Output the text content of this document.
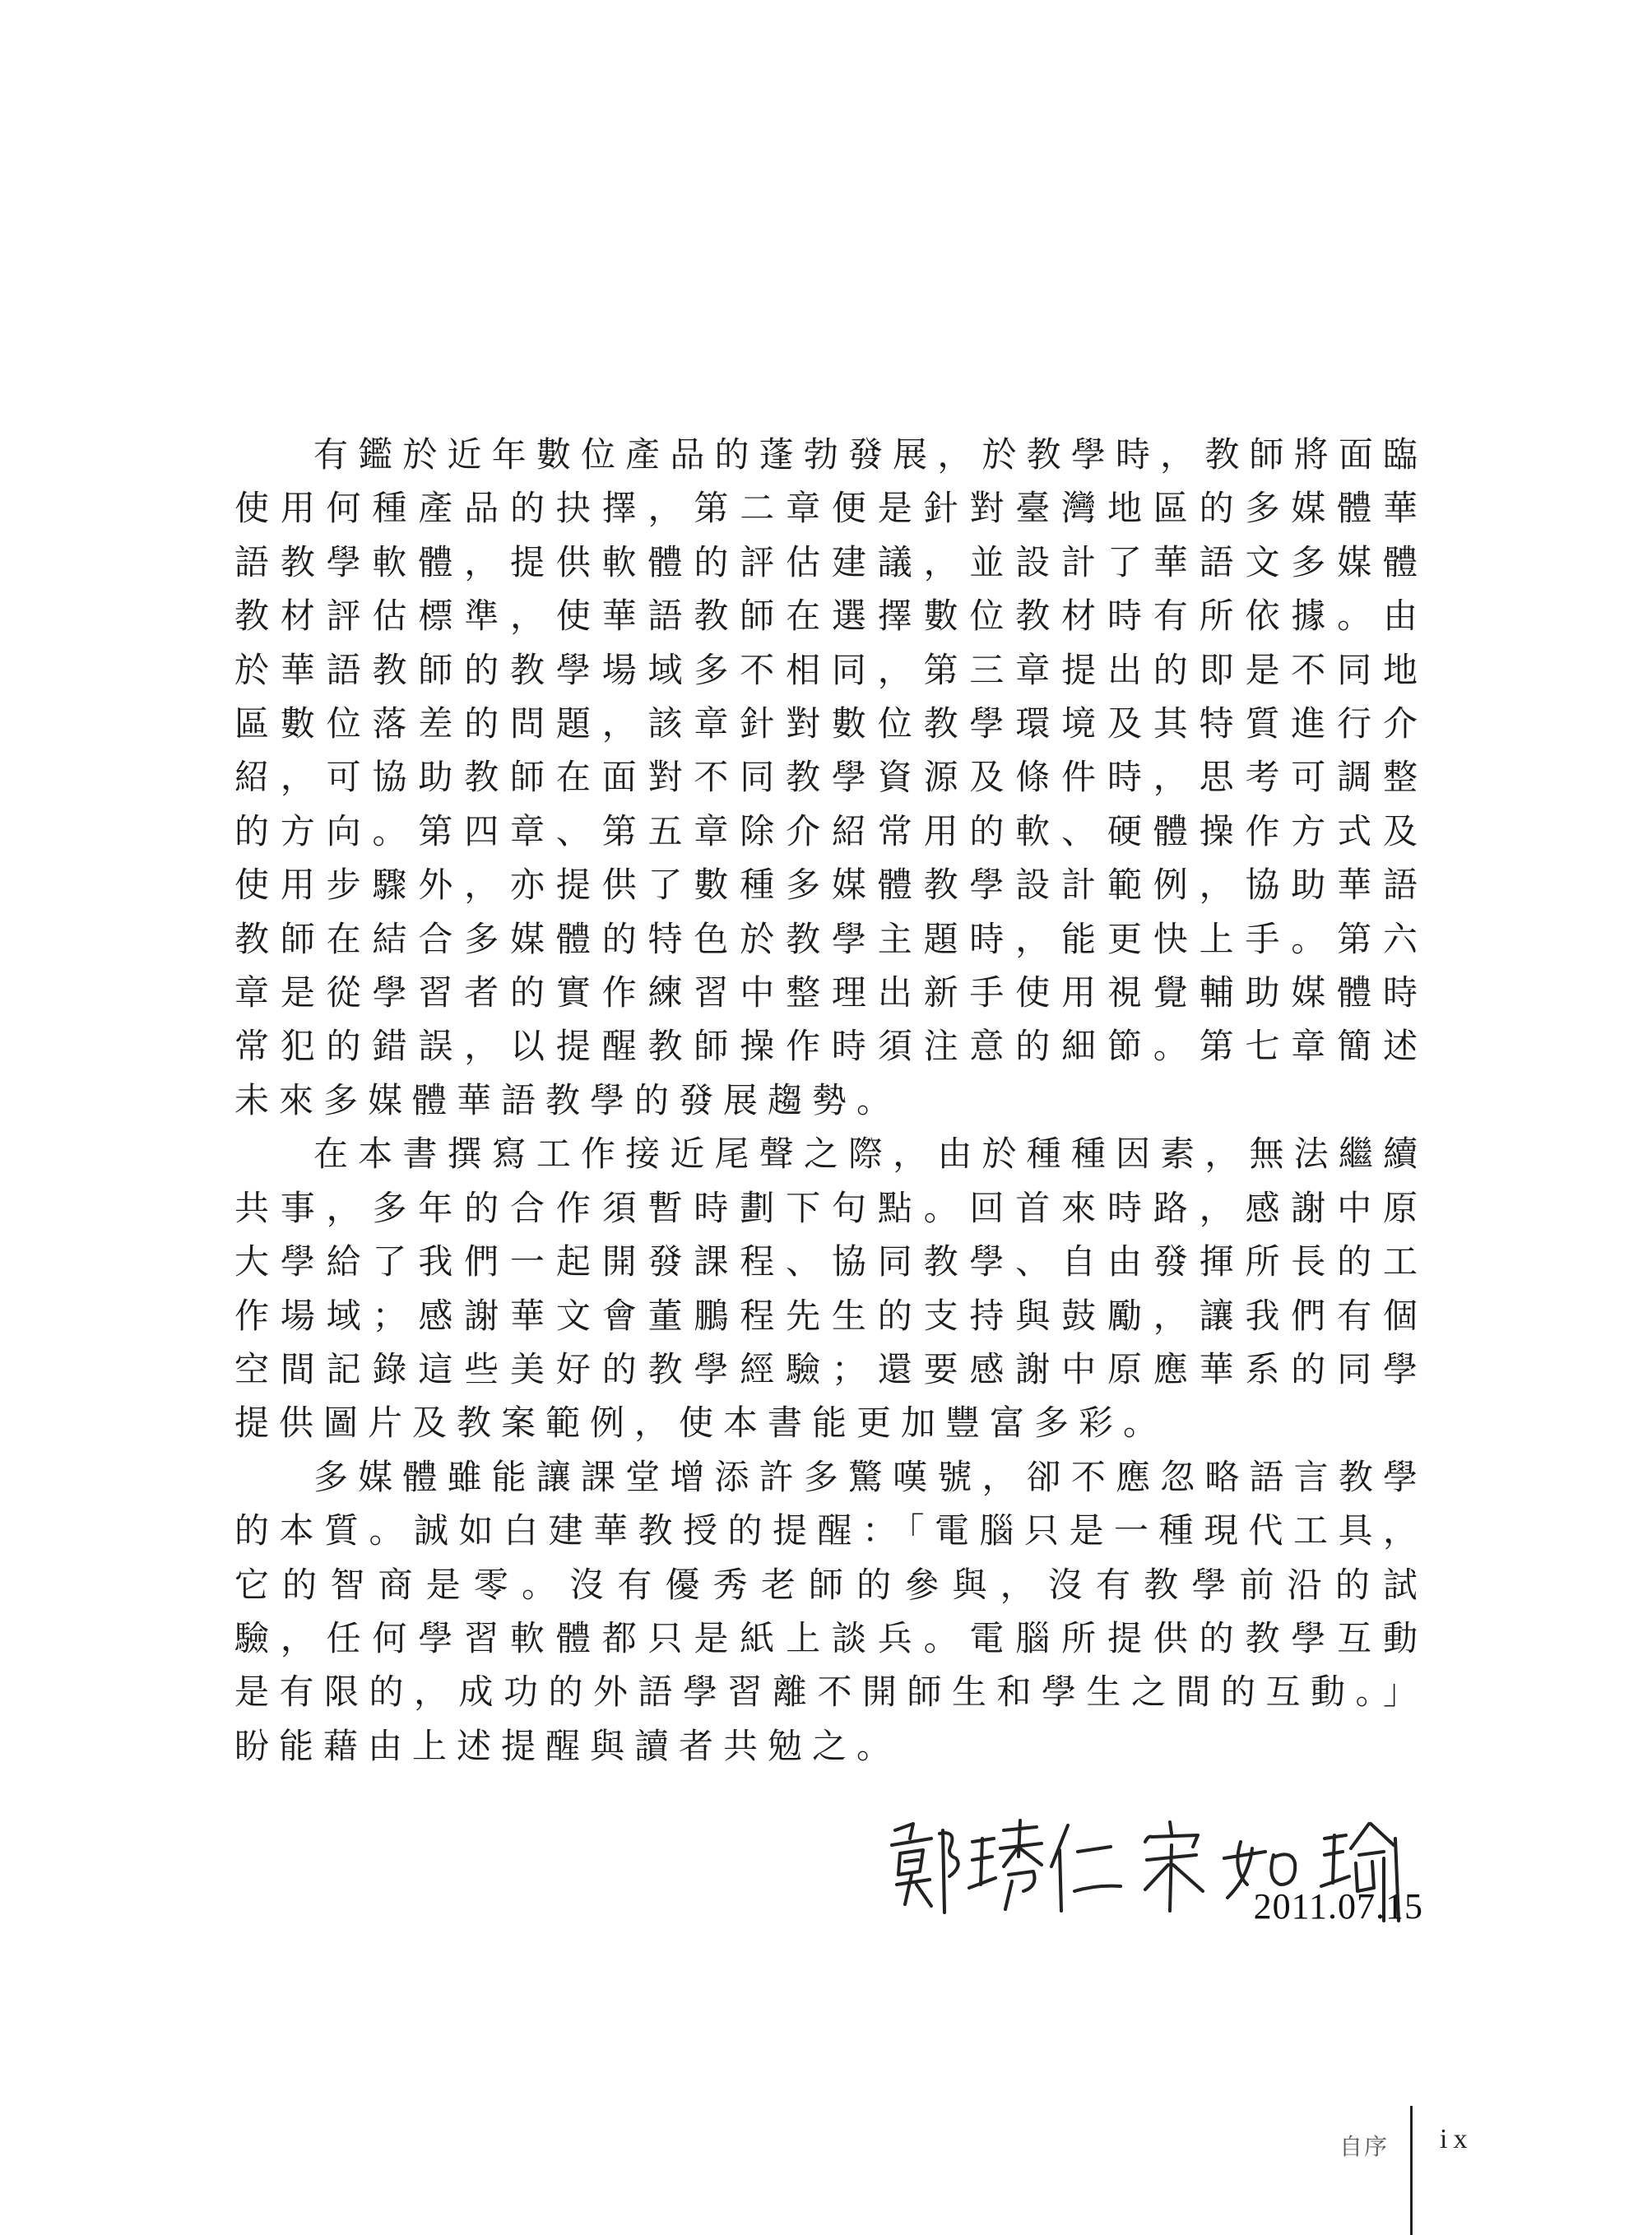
有鑑於近年數位產品的蓬勃發展，於教學時，教師將面臨使用何種產品的抉擇，第二章便是針對臺灣地區的多媒體華語教學軟體，提供軟體的評估建議，並設計了華語文多媒體教材評估標準，使華語教師在選擇數位教材時有所依據。由於華語教師的教學場域多不相同，第三章提出的即是不同地區數位落差的問題，該章針對數位教學環境及其特質進行介紹，可協助教師在面對不同教學資源及條件時，思考可調整的方向。第四章、第五章除介紹常用的軟、硬體操作方式及使用步驟外，亦提供了數種多媒體教學設計範例，協助華語教師在結合多媒體的特色於教學主題時，能更快上手。第六章是從學習者的實作練習中整理出新手使用視覺輔助媒體時常犯的錯誤，以提醒教師操作時須注意的細節。第七章簡述未來多媒體華語教學的發展趨勢。

在本書撰寫工作接近尾聲之際，由於種種因素，無法繼續共事，多年的合作須暫時劃下句點。回首來時路，感謝中原大學給了我們一起開發課程、協同教學、自由發揮所長的工作場域；感謝華文會董鵬程先生的支持與鼓勵，讓我們有個空間記錄這些美好的教學經驗；還要感謝中原應華系的同學提供圖片及教案範例，使本書能更加豐富多彩。

多媒體雖能讓課堂增添許多驚嘆號，卻不應忽略語言教學的本質。誠如白建華教授的提醒：「電腦只是一種現代工具，它的智商是零。沒有優秀老師的參與，沒有教學前沿的試驗，任何學習軟體都只是紙上談兵。電腦所提供的教學互動是有限的，成功的外語學習離不開師生和學生之間的互動。」盼能藉由上述提醒與讀者共勉之。

2011.07.15
自序 ix
